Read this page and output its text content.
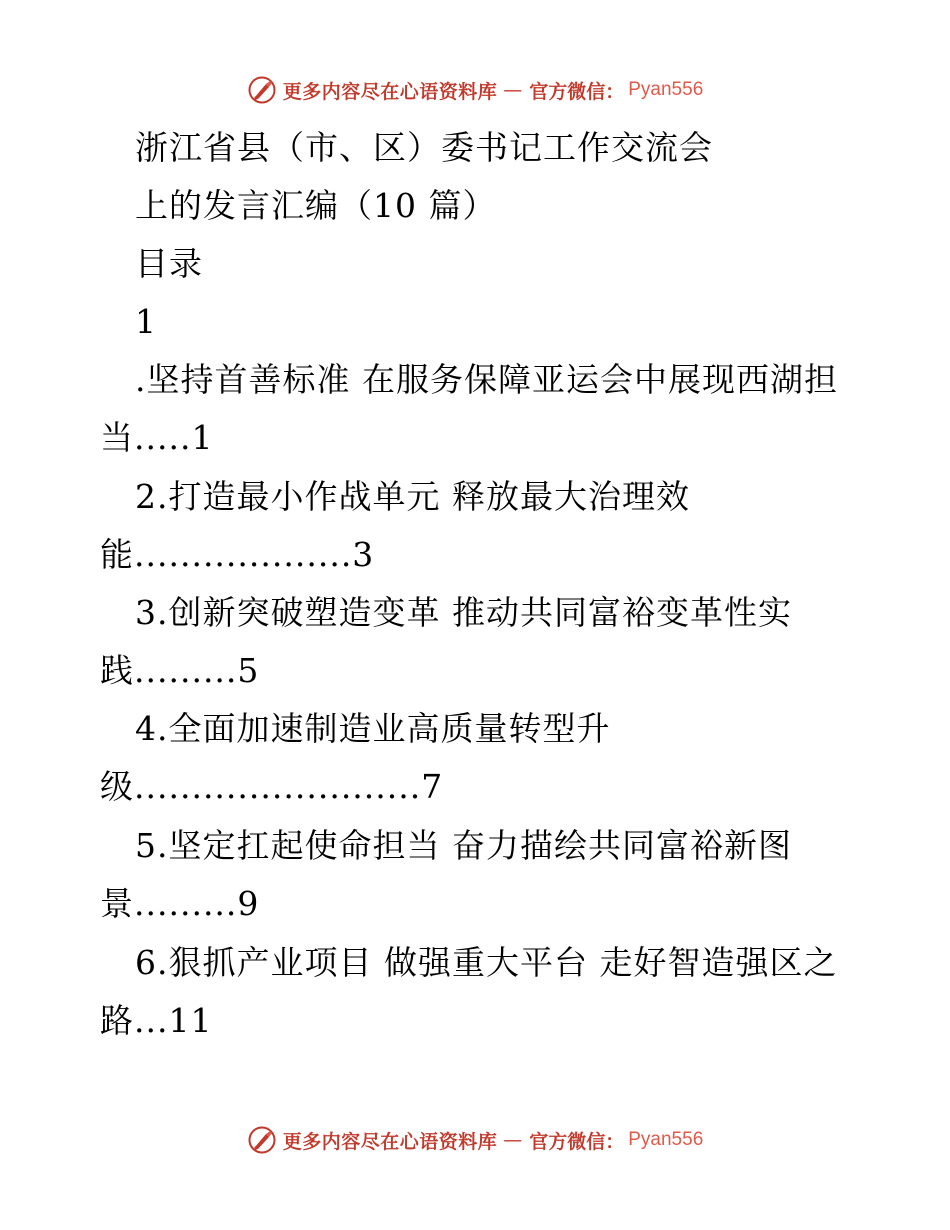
更多内容尽在心语资料库 — 官方微信： Pyan556
浙江省县（市、区）委书记工作交流会
上的发言汇编（10 篇）
目录
1
.坚持首善标准 在服务保障亚运会中展现西湖担
当.....1
2.打造最小作战单元 释放最大治理效
能...................3
3.创新突破塑造变革 推动共同富裕变革性实
践.........5
4.全面加速制造业高质量转型升
级.........................7
5.坚定扛起使命担当 奋力描绘共同富裕新图
景.........9
6.狠抓产业项目 做强重大平台 走好智造强区之
路...11
更多内容尽在心语资料库 — 官方微信： Pyan556
